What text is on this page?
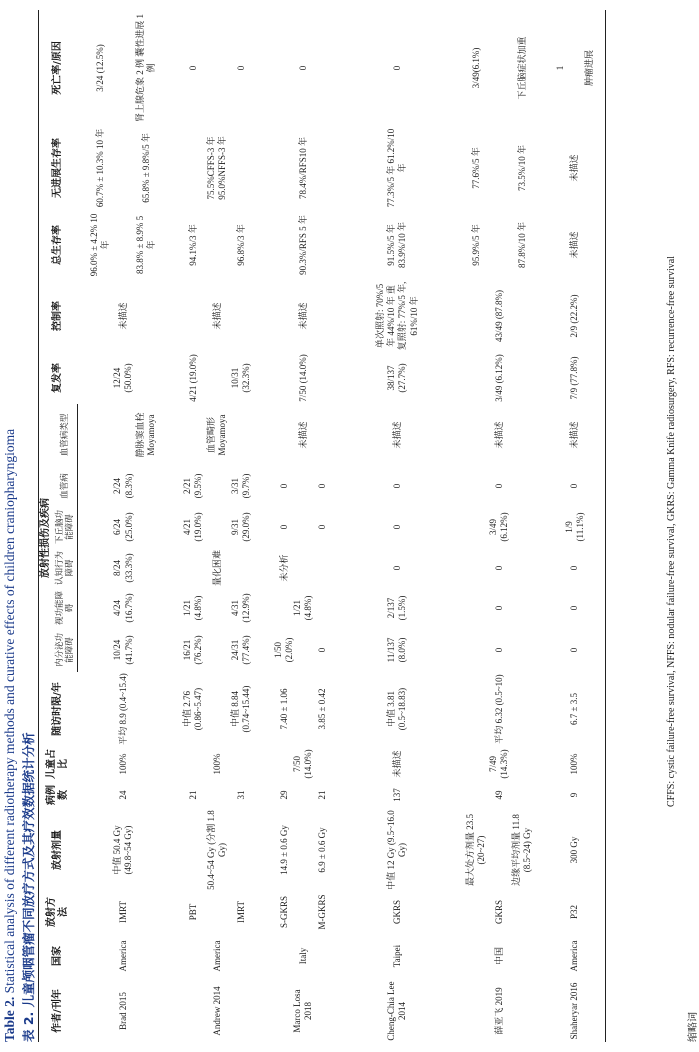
Table 2. Statistical analysis of different radiotherapy methods and curative effects of children craniopharyngioma
表 2. 儿童颅咽管瘤不同放疗方式及其疗效数据统计分析 作者/刊年	国家	放射方法	放射剂量	病例数	儿童占比	随访时限/年	放射性损伤及疾病						复发率	控制率	总生存率	无进展生存率	死亡率/原因
							内分泌功能障碍	视功能障碍	认知行为障碍	下丘脑功能障碍	血管病	血管病类型					
Brad 2015	America	IMRT	中值 50.4 Gy (49.8~54 Gy)	24	100%	平均 8.9 (0.4~15.4)	10/24 (41.7%)	4/24 (16.7%)	8/24 (33.3%)	6/24 (25.0%)	2/24 (8.3%)		12/24 (50.0%)	未描述	96.0% ± 4.2% 10 年	60.7% ± 10.3% 10 年	3/24 (12.5%)
												静脉窦血栓 Moyamoya			83.8% ± 8.9% 5 年	65.8% ± 9.8%/5 年	肾上腺危象 2 例 囊性进展 1 例
Andrew 2014	America	PBT	50.4~54 Gy (分割 1.8 Gy)	21	100%	中值 2.76 (0.86~5.47)	16/21 (76.2%)	1/21 (4.8%)	量化困难	4/21 (19.0%)	2/21 (9.5%)	血管畸形 Moyamoya	4/21 (19.0%)	未描述	94.1%/3 年	75.5%CFFS-3 年 95.0%NFFS-3 年	0
		IMRT		31		中值 8.84 (0.74~15.44)	24/31 (77.4%)	4/31 (12.9%)		9/31 (29.0%)	3/31 (9.7%)		10/31 (32.3%)		96.8%/3 年		0
Marco Losa 2018	Italy	S-GKRS	14.9 ± 0.6 Gy	29	7/50 (14.0%)	7.40 ± 1.06	1/50 (2.0%)	1/21 (4.8%)	未分析	0	0	未描述	7/50 (14.0%)	未描述	90.3%/RFS 5 年	78.4%/RFS10 年	0
		M-GKRS	6.9 ± 0.6 Gy	21		3.85 ± 0.42	0			0	0						
Cheng-Chia Lee 2014	Taipei	GKRS	中值 12 Gy (9.5~16.0 Gy)	137	未描述	中值 3.81 (0.5~18.83)	11/137 (8.0%)	2/137 (1.5%)	0	0	0	未描述	38/137 (27.7%)	单次照射: 70%/5 年 44%/10 年 重复照射: 77%/5 年, 61%/10 年	91.5%/5 年 83.9%/10 年	77.3%/5 年 61.2%/10 年	0
薛亚飞 2019	中国	GKRS	最大处方剂量 23.5 (20~27)	49	7/49 (14.3%)	平均 6.32 (0.5~10)	0	0	0	3/49 (6.12%)	0	未描述	3/49 (6.12%)	43/49 (87.8%)	95.9%/5 年	77.6%/5 年	3/49(6.1%)
			边缘平均剂量 11.8 (8.5~24) Gy												87.8%/10 年	73.5%/10 年	下丘脑症状加重
Shaheryar 2016	America	P32	300 Gy	9	100%	6.7 ± 3.5	0	0	0	1/9 (11.1%)	0	未描述	7/9 (77.8%)	2/9 (22.2%)	未描述	未描述	1
																	肿瘤进展
CFFS: cystic failure-free survival, NFFS: nodular failure-free survival, GKRS: Gamma Knife radiosurgery, RFS: recurrence-free survival
缩略词
